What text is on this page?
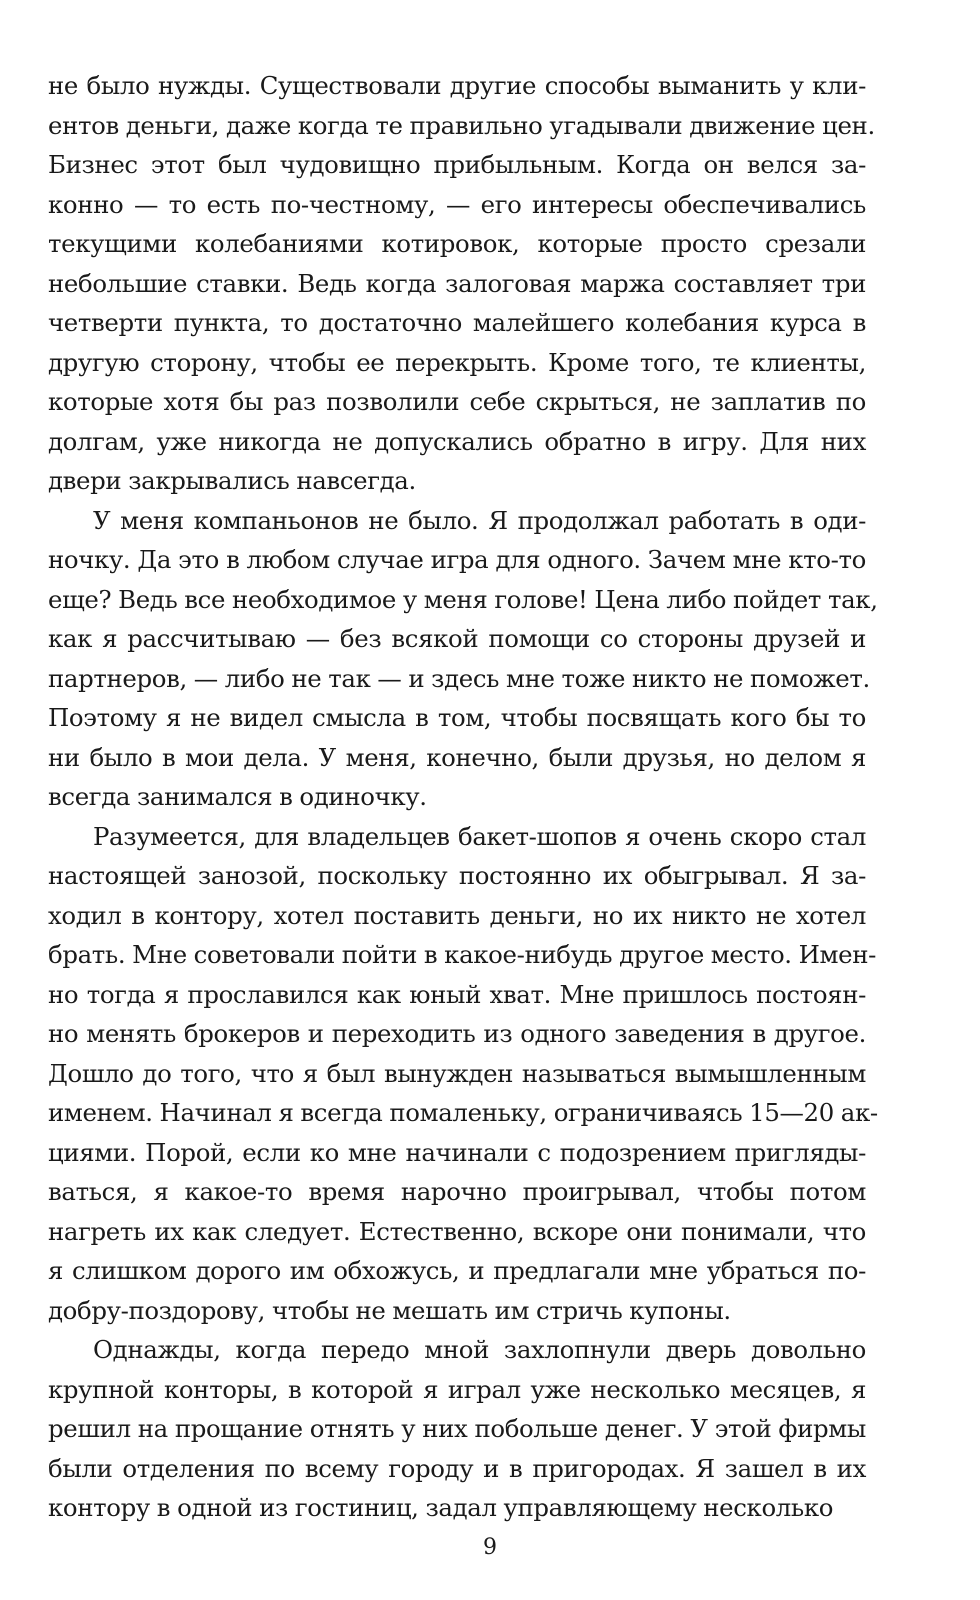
не было нужды. Существовали другие способы выманить у кли-
ентов деньги, даже когда те правильно угадывали движение цен.
Бизнес этот был чудовищно прибыльным. Когда он велся за-
конно — то есть по-честному, — его интересы обеспечивались
текущими колебаниями котировок, которые просто срезали
небольшие ставки. Ведь когда залоговая маржа составляет три
четверти пункта, то достаточно малейшего колебания курса в
другую сторону, чтобы ее перекрыть. Кроме того, те клиенты,
которые хотя бы раз позволили себе скрыться, не заплатив по
долгам, уже никогда не допускались обратно в игру. Для них
двери закрывались навсегда.
У меня компаньонов не было. Я продолжал работать в оди-
ночку. Да это в любом случае игра для одного. Зачем мне кто-то
еще? Ведь все необходимое у меня голове! Цена либо пойдет так,
как я рассчитываю — без всякой помощи со стороны друзей и
партнеров, — либо не так — и здесь мне тоже никто не поможет.
Поэтому я не видел смысла в том, чтобы посвящать кого бы то
ни было в мои дела. У меня, конечно, были друзья, но делом я
всегда занимался в одиночку.
Разумеется, для владельцев бакет-шопов я очень скоро стал
настоящей занозой, поскольку постоянно их обыгрывал. Я за-
ходил в контору, хотел поставить деньги, но их никто не хотел
брать. Мне советовали пойти в какое-нибудь другое место. Имен-
но тогда я прославился как юный хват. Мне пришлось постоян-
но менять брокеров и переходить из одного заведения в другое.
Дошло до того, что я был вынужден называться вымышленным
именем. Начинал я всегда помаленьку, ограничиваясь 15—20 ак-
циями. Порой, если ко мне начинали с подозрением пригляды-
ваться, я какое-то время нарочно проигрывал, чтобы потом
нагреть их как следует. Естественно, вскоре они понимали, что
я слишком дорого им обхожусь, и предлагали мне убраться по-
добру-поздорову, чтобы не мешать им стричь купоны.
Однажды, когда передо мной захлопнули дверь довольно
крупной конторы, в которой я играл уже несколько месяцев, я
решил на прощание отнять у них побольше денег. У этой фирмы
были отделения по всему городу и в пригородах. Я зашел в их
контору в одной из гостиниц, задал управляющему несколько
9
